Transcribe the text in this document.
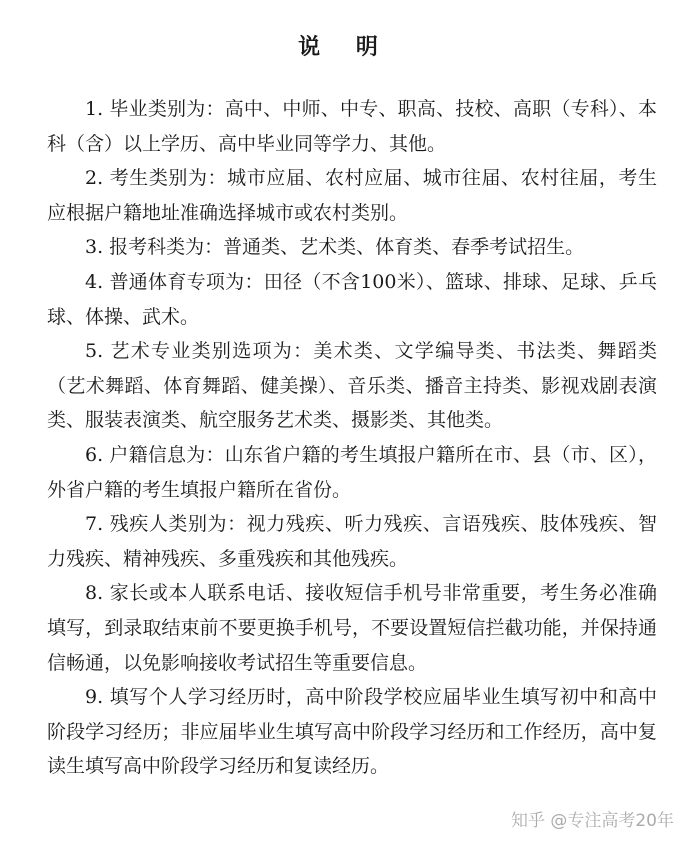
说 明

1. 毕业类别为：高中、中师、中专、职高、技校、高职（专科）、本科（含）以上学历、高中毕业同等学力、其他。

2. 考生类别为：城市应届、农村应届、城市往届、农村往届，考生应根据户籍地址准确选择城市或农村类别。

3. 报考科类为：普通类、艺术类、体育类、春季考试招生。

4. 普通体育专项为：田径（不含100米）、篮球、排球、足球、乒乓球、体操、武术。

5. 艺术专业类别选项为：美术类、文学编导类、书法类、舞蹈类（艺术舞蹈、体育舞蹈、健美操）、音乐类、播音主持类、影视戏剧表演类、服装表演类、航空服务艺术类、摄影类、其他类。

6. 户籍信息为：山东省户籍的考生填报户籍所在市、县（市、区），外省户籍的考生填报户籍所在省份。

7. 残疾人类别为：视力残疾、听力残疾、言语残疾、肢体残疾、智力残疾、精神残疾、多重残疾和其他残疾。

8. 家长或本人联系电话、接收短信手机号非常重要，考生务必准确填写，到录取结束前不要更换手机号，不要设置短信拦截功能，并保持通信畅通，以免影响接收考试招生等重要信息。

9. 填写个人学习经历时，高中阶段学校应届毕业生填写初中和高中阶段学习经历；非应届毕业生填写高中阶段学习经历和工作经历，高中复读生填写高中阶段学习经历和复读经历。

知乎 @专注高考20年
